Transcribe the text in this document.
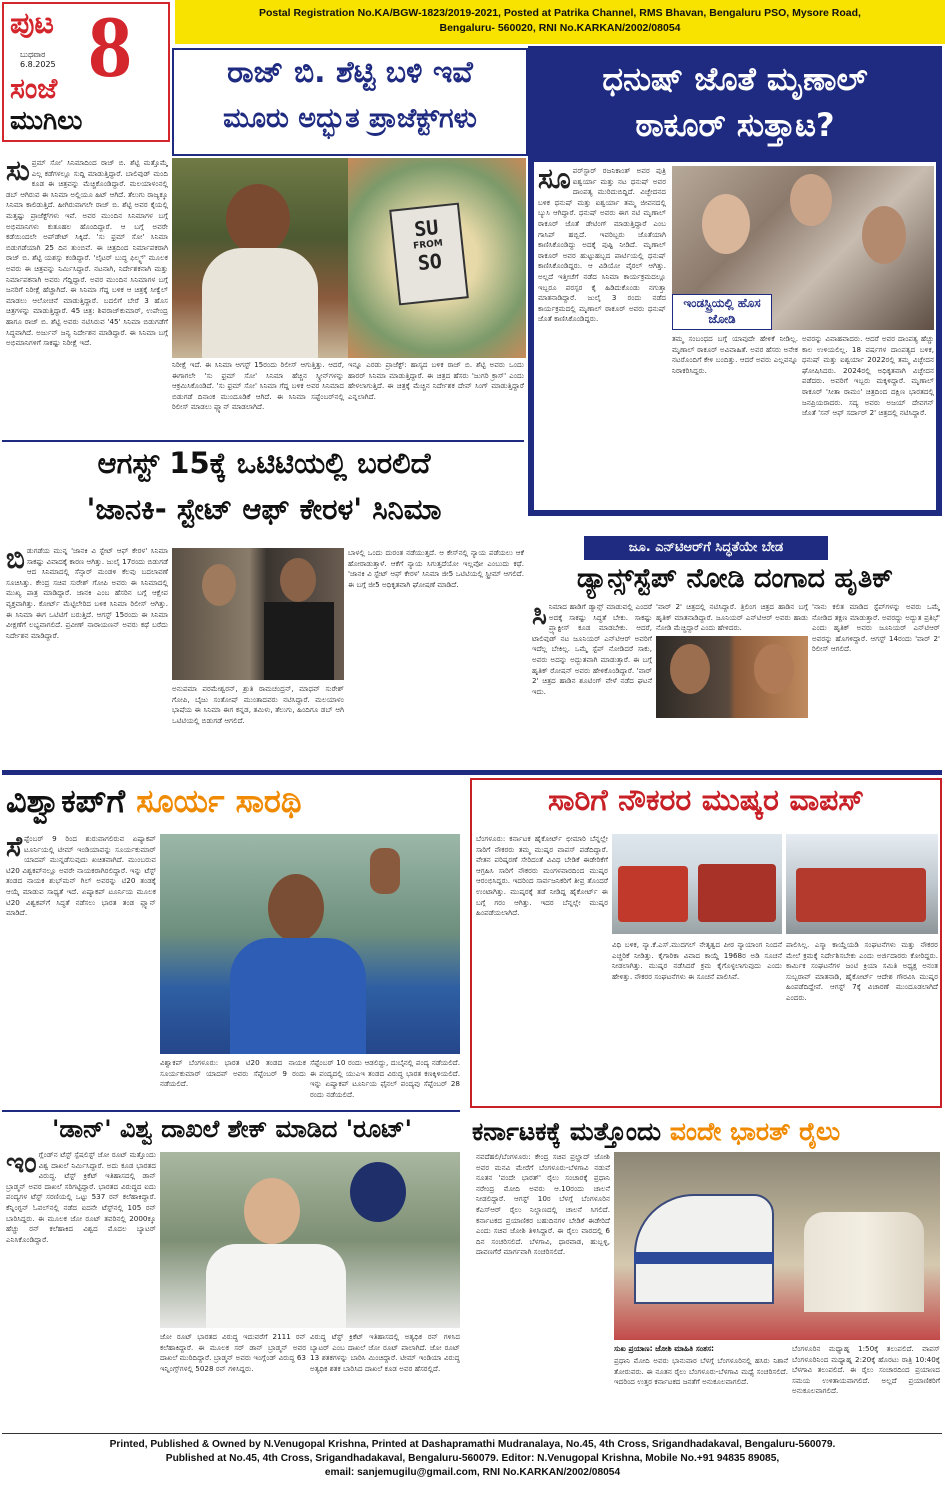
ಪುಟ 8
ಬುಧವಾರ
6.8.2025
ಸಂಜೆ
ಮುಗಿಲು
Postal Registration No.KA/BGW-1823/2019-2021, Posted at Patrika Channel, RMS Bhavan, Bengaluru PSO, Mysore Road,
Bengaluru- 560020, RNI No.KARKAN/2002/08054
ರಾಜ್ ಬಿ. ಶೆಟ್ಟಿ ಬಳಿ ಇವೆ
ಮೂರು ಅದ್ಭುತ ಪ್ರಾಜೆಕ್ಟ್‌ಗಳು
ಸುಪ್ರಮ್ ಸೋ' ಸಿನಿಮಾದಿಂದ ರಾಜ್ ಬಿ. ಶೆಟ್ಟಿ ಮತ್ತೊಮ್ಮೆ ಎಲ್ಲ ಕಡೆಗಳಲ್ಲೂ ಸುದ್ದಿ ಮಾಡುತ್ತಿದ್ದಾರೆ. ಬಾಲಿವುಡ್ ಮಂದಿ ಕೂಡ ಈ ಚಿತ್ರವನ್ನು ಮೆಚ್ಚಿಕೊಂಡಿದ್ದಾರೆ. ಮಲಯಾಳಂನಲ್ಲಿ ಡಬ್ ಆಗಿರುವ ಈ ಸಿನಿಮಾ ಅಲ್ಲಿಯೂ ಹಿಟ್ ಆಗಿದೆ. ತೆಲುಗು ರಾಜ್ಯಕ್ಕೂ ಸಿನಿಮಾ ಕಾಲಿಡುತ್ತಿದೆ. ಹೀಗಿರುವಾಗಲೇ ರಾಜ್ ಬಿ. ಶೆಟ್ಟಿ ಅವರ ಕೈಯಲ್ಲಿ ಮತ್ತಷ್ಟು ಪ್ರಾಜೆಕ್ಟ್‌ಗಳು ಇವೆ. ಅವರ ಮುಂದಿನ ಸಿನಿಮಾಗಳ ಬಗ್ಗೆ ಅಭಿಮಾನಿಗಳು ಕುತೂಹಲ ಹೊಂದಿದ್ದಾರೆ. ಆ ಬಗ್ಗೆ ಅವರೇ ಕಡೆಯಿಂದಲೇ ಅಪ್‌ಡೇಟ್ ಸಿಕ್ಕಿದೆ. 'ಸು ಫ್ರಮ್ ಸೋ' ಸಿನಿಮಾ ಬಿಡುಗಡೆಯಾಗಿ 25 ದಿನ ತುಂಬಿವೆ. ಈ ಚಿತ್ರದಿಂದ ನಿರ್ಮಾಪಕರಾಗಿ ರಾಜ್ ಬಿ. ಶೆಟ್ಟಿ ಯಶಸ್ಸು ಕಂಡಿದ್ದಾರೆ. 'ಲೈಟರ್ ಬುದ್ಧ ಫಿಲ್ಮ್ಸ್' ಮೂಲಕ ಅವರು ಈ ಚಿತ್ರವನ್ನು ನಿರ್ಮಿಸಿದ್ದಾರೆ. ನಟನಾಗಿ, ನಿರ್ದೇಶಕನಾಗಿ ಮತ್ತು ನಿರ್ಮಾಪಕನಾಗಿ ಅವರು ಗೆದ್ದಿದ್ದಾರೆ. ಅವರ ಮುಂದಿನ ಸಿನಿಮಾಗಳ ಬಗ್ಗೆ ಜನರಿಗೆ ನಿರೀಕ್ಷೆ ಹೆಚ್ಚಾಗಿದೆ. ಈ ಸಿನಿಮಾ ಗೆದ್ದ ಬಳಿಕ ಆ ಚಿತ್ರಕ್ಕೆ ಸೀಕ್ವೆಲ್ ಮಾಡಲು ಆಲೋಚನೆ ಮಾಡುತ್ತಿದ್ದಾರೆ. ಬದಲಿಗೆ ಬೇರೆ 3 ಹೊಸ ಚಿತ್ರಗಳನ್ನು ಮಾಡುತ್ತಿದ್ದಾರೆ. 45 ಚಿತ್ರ: ಶಿವರಾಜ್‌ಕುಮಾರ್, ಉಪೇಂದ್ರ ಹಾಗೂ ರಾಜ್ ಬಿ. ಶೆಟ್ಟಿ ಅವರು ನಟಿಸಿರುವ '45' ಸಿನಿಮಾ ಬಿಡುಗಡೆಗೆ ಸಿದ್ಧವಾಗಿದೆ. ಅರ್ಜುನ್ ಜನ್ಯ ನಿರ್ದೇಶನ ಮಾಡಿದ್ದಾರೆ. ಈ ಸಿನಿಮಾ ಬಗ್ಗೆ ಅಭಿಮಾನಿಗಳಿಗೆ ಸಾಕಷ್ಟು ನಿರೀಕ್ಷೆ ಇದೆ.
SU
FROM
SO
ನಿರೀಕ್ಷೆ ಇದೆ. ಈ ಸಿನಿಮಾ ಆಗಸ್ಟ್ 15ರಂದು ರಿಲೀಸ್ ಆಗುತ್ತಿತ್ತು. ಆದರೆ, ಈಗಾಗಲೇ 'ಸು ಫ್ರಮ್ ಸೋ' ಸಿನಿಮಾ ಹೆಚ್ಚಿನ ಸ್ಕ್ರೀನ್‌ಗಳನ್ನು ಆಕ್ರಮಿಸಿಕೊಂಡಿದೆ. 'ಸು ಫ್ರಮ್ ಸೋ' ಸಿನಿಮಾ ಗೆದ್ದ ಬಳಿಕ ಅವರ ಸಿನಿಮಾದ ಬಿಡುಗಡೆ ದಿನಾಂಕ ಮುಂದೂಡಿಕೆ ಆಗಿದೆ. ಈ ಸಿನಿಮಾ ಸಪ್ಟೆಂಬರ್‌ನಲ್ಲಿ ರಿಲೀಸ್ ಮಾಡಲು ಪ್ಲ್ಯಾನ್ ಮಾಡಲಾಗಿದೆ.
ಇನ್ನೂ ಎರಡು ಪ್ರಾಜೆಕ್ಟ್: ಹಾಸ್ಯದ ಬಳಿಕ ರಾಜ್ ಬಿ. ಶೆಟ್ಟಿ ಅವರು ಒಂದು ಹಾರರ್ ಸಿನಿಮಾ ಮಾಡುತ್ತಿದ್ದಾರೆ. ಈ ಚಿತ್ರದ ಹೆಸರು 'ಜುಗರಿ ಕ್ರಾಸ್' ಎಂದು ಹೇಳಲಾಗುತ್ತಿದೆ. ಈ ಚಿತ್ರಕ್ಕೆ ಮೆಚ್ಚಿನ ನಿರ್ದೇಶಕ ದೇವ್ ಸಿಂಗ್ ಮಾಡುತ್ತಿದ್ದಾರೆ ಎನ್ನಲಾಗಿದೆ.
ಧನುಷ್ ಜೊತೆ ಮೃಣಾಲ್
ಠಾಕೂರ್ ಸುತ್ತಾಟ?
ಸೂಪರ್‌ಸ್ಟಾರ್ ರಜನಿಕಾಂತ್ ಅವರ ಪುತ್ರಿ ಐಶ್ವರ್ಯಾ ಮತ್ತು ನಟ ಧನುಷ್ ಅವರ ದಾಂಪತ್ಯ ಮುರಿದುಬಿದ್ದಿದೆ. ವಿಚ್ಛೇದನದ ಬಳಿಕ ಧನುಷ್ ಮತ್ತು ಐಶ್ವರ್ಯಾ ತಮ್ಮ ಜೀವನದಲ್ಲಿ ಬ್ಯುಸಿ ಆಗಿದ್ದಾರೆ. ಧನುಷ್ ಅವರು ಈಗ ನಟಿ ಮೃಣಾಲ್ ಠಾಕೂರ್ ಜೊತೆ ಡೇಟಿಂಗ್ ಮಾಡುತ್ತಿದ್ದಾರೆ ಎಂಬ ಗಾಸಿಪ್ ಹಬ್ಬಿದೆ. ಇವರಿಬ್ಬರು ಜೊತೆಯಾಗಿ ಕಾಣಿಸಿಕೊಂಡಿದ್ದು ಅದಕ್ಕೆ ಪುಷ್ಟಿ ನೀಡಿದೆ. ಮೃಣಾಲ್ ಠಾಕೂರ್ ಅವರ ಹುಟ್ಟುಹಬ್ಬದ ಪಾರ್ಟಿಯಲ್ಲಿ ಧನುಷ್ ಕಾಣಿಸಿಕೊಂಡಿದ್ದರು. ಆ ವಿಡಿಯೋ ವೈರಲ್ ಆಗಿತ್ತು. ಅಲ್ಲದೆ ಇತ್ತೀಚೆಗೆ ನಡೆದ ಸಿನಿಮಾ ಕಾರ್ಯಕ್ರಮದಲ್ಲೂ ಇಬ್ಬರೂ ಪರಸ್ಪರ ಕೈ ಹಿಡಿದುಕೊಂಡು ನಗುತ್ತಾ ಮಾತನಾಡಿದ್ದಾರೆ. ಜುಲೈ 3 ರಂದು ನಡೆದ ಕಾರ್ಯಕ್ರಮದಲ್ಲಿ ಮೃಣಾಲ್ ಠಾಕೂರ್ ಅವರು ಧನುಷ್ ಜೊತೆ ಕಾಣಿಸಿಕೊಂಡಿದ್ದರು.
ಇಂಡಸ್ಟ್ರಿಯಲ್ಲಿ ಹೊಸ ಜೋಡಿ
ತಮ್ಮ ಸಂಬಂಧದ ಬಗ್ಗೆ ಯಾವುದೇ ಹೇಳಿಕೆ ನೀಡಿಲ್ಲ. ಮೃಣಾಲ್ ಠಾಕೂರ್ ಅವಿವಾಹಿತೆ. ಅವರ ಹೆಸರು ಅನೇಕ ನಟರೊಂದಿಗೆ ಕೇಳಿ ಬಂದಿತ್ತು. ಆದರೆ ಅವರು ಎಲ್ಲವನ್ನೂ ನಿರಾಕರಿಸಿದ್ದರು.
ಅವರನ್ನು ವಿವಾಹವಾದರು. ಆದರೆ ಅವರ ದಾಂಪತ್ಯ ಹೆಚ್ಚು ಕಾಲ ಉಳಿಯಲಿಲ್ಲ. 18 ವರ್ಷಗಳ ದಾಂಪತ್ಯದ ಬಳಿಕ, ಧನುಷ್ ಮತ್ತು ಐಶ್ವರ್ಯಾ 2022ರಲ್ಲಿ ತಮ್ಮ ವಿಚ್ಛೇದನ ಘೋಷಿಸಿದರು. 2024ರಲ್ಲಿ ಅಧಿಕೃತವಾಗಿ ವಿಚ್ಛೇದನ ಪಡೆದರು. ಅವರಿಗೆ ಇಬ್ಬರು ಮಕ್ಕಳಿದ್ದಾರೆ. ಮೃಣಾಲ್ ಠಾಕೂರ್ 'ಸೀತಾ ರಾಮಂ' ಚಿತ್ರದಿಂದ ದಕ್ಷಿಣ ಭಾರತದಲ್ಲಿ ಜನಪ್ರಿಯರಾದರು. ಸದ್ಯ ಅವರು ಅಜಯ್ ದೇವಗನ್ ಜೊತೆ 'ಸನ್ ಆಫ್ ಸರ್ದಾರ್ 2' ಚಿತ್ರದಲ್ಲಿ ನಟಿಸಿದ್ದಾರೆ.
ಆಗಸ್ಟ್ 15ಕ್ಕೆ ಒಟಿಟಿಯಲ್ಲಿ ಬರಲಿದೆ
'ಜಾನಕಿ- ಸ್ಟೇಟ್ ಆಫ್ ಕೇರಳ' ಸಿನಿಮಾ
ಬಿಡುಗಡೆಯ ಮುನ್ನ 'ಜಾನಕಿ ವಿ ಸ್ಟೇಟ್ ಆಫ್ ಕೇರಳ' ಸಿನಿಮಾ ಸಾಕಷ್ಟು ವಿವಾದಕ್ಕೆ ಕಾರಣ ಆಗಿತ್ತು. ಜುಲೈ 17ರಂದು ಬಿಡುಗಡೆ ಆದ ಸಿನಿಮಾದಲ್ಲಿ ಸೆನ್ಸಾರ್ ಮಂಡಳಿ ಕೆಲವು ಬದಲಾವಣೆ ಸೂಚಿಸಿತ್ತು. ಕೇಂದ್ರ ಸಚಿವ ಸುರೇಶ್ ಗೋಪಿ ಅವರು ಈ ಸಿನಿಮಾದಲ್ಲಿ ಮುಖ್ಯ ಪಾತ್ರ ಮಾಡಿದ್ದಾರೆ. ಜಾನಕಿ ಎಂಬ ಹೆಸರಿನ ಬಗ್ಗೆ ಆಕ್ಷೇಪ ವ್ಯಕ್ತವಾಗಿತ್ತು. ಕೋರ್ಟ್ ಮೆಟ್ಟಿಲೇರಿದ ಬಳಿಕ ಸಿನಿಮಾ ರಿಲೀಸ್ ಆಗಿತ್ತು. ಈ ಸಿನಿಮಾ ಈಗ ಒಟಿಟಿಗೆ ಬರುತ್ತಿದೆ. ಆಗಸ್ಟ್ 15ರಂದು ಈ ಸಿನಿಮಾ ವೀಕ್ಷಣೆಗೆ ಲಭ್ಯವಾಗಲಿದೆ. ಪ್ರವೀಣ್ ನಾರಾಯಣನ್ ಅವರು ಕಥೆ ಬರೆದು ನಿರ್ದೇಶನ ಮಾಡಿದ್ದಾರೆ.
ಅನುಪಮಾ ಪರಮೇಶ್ವರನ್, ಶ್ರುತಿ ರಾಮಚಂದ್ರನ್, ಮಾಧವ್ ಸುರೇಶ್ ಗೋಪಿ, ಬೈಜು ಸಂತೋಷ್ ಮುಂತಾದವರು ನಟಿಸಿದ್ದಾರೆ. ಮಲಯಾಳಂ ಭಾಷೆಯ ಈ ಸಿನಿಮಾ ಈಗ ಕನ್ನಡ, ತಮಿಳು, ತೆಲುಗು, ಹಿಂದಿಗೂ ಡಬ್ ಆಗಿ ಒಟಿಟಿಯಲ್ಲಿ ಬಿಡುಗಡೆ ಆಗಲಿದೆ.
ಬಾಳಲ್ಲಿ ಒಂದು ದುರಂತ ನಡೆಯುತ್ತದೆ. ಆ ಕೇಸ್‌ನಲ್ಲಿ ನ್ಯಾಯ ಪಡೆಯಲು ಆಕೆ ಹೋರಾಡುತ್ತಾಳೆ. ಆಕೆಗೆ ನ್ಯಾಯ ಸಿಗುತ್ತದೆಯೋ ಇಲ್ಲವೋ ಎಂಬುದು ಕಥೆ. 'ಜಾನಕಿ ವಿ ಸ್ಟೇಟ್ ಆಫ್ ಕೇರಳ' ಸಿನಿಮಾ ಜೀ5 ಒಟಿಟಿಯಲ್ಲಿ ಸ್ಟ್ರೀಮ್ ಆಗಲಿದೆ. ಈ ಬಗ್ಗೆ ಜೀ5 ಅಧಿಕೃತವಾಗಿ ಘೋಷಣೆ ಮಾಡಿದೆ.
ಜೂ. ಎನ್‌ಟಿಆರ್‌ಗೆ ಸಿದ್ಧತೆಯೇ ಬೇಡ
ಡ್ಯಾನ್ಸ್‌ಸ್ಟೆಪ್ ನೋಡಿ ದಂಗಾದ ಹೃತಿಕ್
ಸಿನಿಮಾದ ಹಾಡಿಗೆ ಡ್ಯಾನ್ಸ್ ಮಾಡುವಲ್ಲಿ ಎಂದರೆ ಅದಕ್ಕೆ ಸಾಕಷ್ಟು ಸಿದ್ಧತೆ ಬೇಕು. ಸಾಕಷ್ಟು ಪ್ರ್ಯಾಕ್ಟೀಸ್ ಕೂಡ ಮಾಡಬೇಕು. ಆದರೆ, ಟಾಲಿವುಡ್ ನಟ ಜೂನಿಯರ್ ಎನ್‌ಟಿಆರ್ ಅವರಿಗೆ ಇದೆಲ್ಲ ಬೇಕಿಲ್ಲ. ಒಮ್ಮೆ ಸ್ಟೆಪ್ ನೋಡಿದರೆ ಸಾಕು, ಅವರು ಅದನ್ನು ಅದ್ಭುತವಾಗಿ ಮಾಡುತ್ತಾರೆ. ಈ ಬಗ್ಗೆ ಹೃತಿಕ್ ರೋಷನ್ ಅವರು ಹೇಳಿಕೊಂಡಿದ್ದಾರೆ. 'ವಾರ್ 2' ಚಿತ್ರದ ಹಾಡಿನ ಶೂಟಿಂಗ್ ವೇಳೆ ನಡೆದ ಘಟನೆ ಇದು.
'ವಾರ್ 2' ಚಿತ್ರದಲ್ಲಿ ನಟಿಸಿದ್ದಾರೆ. ತ್ರಿಲಿಂಗ ಚಿತ್ರದ ಹಾಡಿನ ಬಗ್ಗೆ ಹೃತಿಕ್ ಮಾತನಾಡಿದ್ದಾರೆ. ಜೂನಿಯರ್ ಎನ್‌ಟಿಆರ್ ಅವರು ಹಾಡು ನೋಡಿ ಮೆಚ್ಚಿದ್ದಾರೆ ಎಂದು ಹೇಳಿದರು.
'ನಾನು ಕಲಿತ ಮಾಡಿದ ಸ್ಟೆಪ್‌ಗಳನ್ನು ಅವರು ಒಮ್ಮೆ ನೋಡಿದ ತಕ್ಷಣ ಮಾಡುತ್ತಾರೆ. ಅವರದ್ದು ಅದ್ಭುತ ಪ್ರತಿಭೆ' ಎಂದು ಹೃತಿಕ್ ಅವರು ಜೂನಿಯರ್ ಎನ್‌ಟಿಆರ್ ಅವರನ್ನು ಹೊಗಳಿದ್ದಾರೆ. ಆಗಸ್ಟ್ 14ರಂದು 'ವಾರ್ 2' ರಿಲೀಸ್ ಆಗಲಿದೆ.
ವಿಶ್ವಾಕಪ್‌ಗೆ ಸೂರ್ಯ ಸಾರಥಿ
ಸೆಪ್ಟೆಂಬರ್ 9 ರಿಂದ ಶುರುವಾಗಲಿರುವ ಏಷ್ಯಾಕಪ್ ಟೂರ್ನಿಯಲ್ಲಿ ಟೀಮ್ ಇಂಡಿಯಾವನ್ನು ಸೂರ್ಯಕುಮಾರ್ ಯಾದವ್ ಮುನ್ನಡೆಸುವುದು ಖಚಿತವಾಗಿದೆ. ಮುಂಬರುವ ಟಿ20 ವಿಶ್ವಕಪ್‌ನಲ್ಲೂ ಅವರೇ ನಾಯಕರಾಗಿರಲಿದ್ದಾರೆ. ಇನ್ನು ಟೆಸ್ಟ್ ತಂಡದ ನಾಯಕ ಶುಭ್‌ಮನ್ ಗಿಲ್ ಅವರನ್ನು ಟಿ20 ತಂಡಕ್ಕೆ ಆಯ್ಕೆ ಮಾಡುವ ಸಾಧ್ಯತೆ ಇದೆ. ಏಷ್ಯಾಕಪ್ ಟೂರ್ನಿಯ ಮೂಲಕ ಟಿ20 ವಿಶ್ವಕಪ್‌ಗೆ ಸಿದ್ಧತೆ ನಡೆಸಲು ಭಾರತ ತಂಡ ಪ್ಲ್ಯಾನ್ ಮಾಡಿದೆ.
ವಿಶ್ವಾಕಪ್ ಬೆಂಗಳೂರು: ಭಾರತ ಟಿ20 ತಂಡದ ನಾಯಕ ಸೂರ್ಯಕುಮಾರ್ ಯಾದವ್ ಅವರು ಸೆಪ್ಟೆಂಬರ್ 9 ರಂದು ನಡೆಯಲಿದೆ.
ಸೆಪ್ಟೆಂಬರ್ 10 ರಂದು ಆಡಲಿದ್ದು, ದುಬೈನಲ್ಲಿ ಪಂದ್ಯ ನಡೆಯಲಿದೆ. ಈ ಪಂದ್ಯದಲ್ಲಿ ಯುಎಇ ತಂಡದ ವಿರುದ್ಧ ಭಾರತ ಕಣಕ್ಕಿಳಿಯಲಿದೆ. ಇನ್ನು ಏಷ್ಯಾಕಪ್ ಟೂರ್ನಿಯ ಫೈನಲ್ ಪಂದ್ಯವು ಸೆಪ್ಟೆಂಬರ್ 28 ರಂದು ನಡೆಯಲಿದೆ.
ಸಾರಿಗೆ ನೌಕರರ ಮುಷ್ಕರ ವಾಪಸ್
ಬೆಂಗಳೂರು: ಕರ್ನಾಟಕ ಹೈಕೋರ್ಟ್ ಛೀಮಾರಿ ಬೆನ್ನಲ್ಲೇ ಸಾರಿಗೆ ನೌಕರರು ತಮ್ಮ ಮುಷ್ಕರ ವಾಪಸ್ ಪಡೆದಿದ್ದಾರೆ. ವೇತನ ಪರಿಷ್ಕರಣೆ ಸೇರಿದಂತೆ ವಿವಿಧ ಬೇಡಿಕೆ ಈಡೇರಿಕೆಗೆ ಆಗ್ರಹಿಸಿ ಸಾರಿಗೆ ನೌಕರರು ಮಂಗಳವಾರದಿಂದ ಮುಷ್ಕರ ಆರಂಭಿಸಿದ್ದರು. ಇದರಿಂದ ಸಾರ್ವಜನಿಕರಿಗೆ ತೀವ್ರ ತೊಂದರೆ ಉಂಟಾಗಿತ್ತು. ಮುಷ್ಕರಕ್ಕೆ ತಡೆ ನೀಡಿದ್ದ ಹೈಕೋರ್ಟ್ ಈ ಬಗ್ಗೆ ಗರಂ ಆಗಿತ್ತು. ಇದರ ಬೆನ್ನಲ್ಲೇ ಮುಷ್ಕರ ಹಿಂಪಡೆಯಲಾಗಿದೆ.
ವಿಧಿ ಬಳಿಕ, ನ್ಯಾ.ಕೆ.ಎಸ್.ಮುದಗಲ್ ನೇತೃತ್ವದ ಪೀಠ ನ್ಯಾಯಾಂಗ ನಿಂದನೆ ಎಚ್ಚರಿಕೆ ನೀಡಿತ್ತು. ಕೈಗಾರಿಕಾ ವಿವಾದ ಕಾಯ್ದೆ 1968ರ ಅಡಿ ಸೂಚನೆ ನೀಡಲಾಗಿತ್ತು. ಮುಷ್ಕರ ನಡೆಸಿದರೆ ಕ್ರಮ ಕೈಗೊಳ್ಳಲಾಗುವುದು ಎಂದು ಹೇಳಿತ್ತು. ನೌಕರರ ಸಂಘಟನೆಗಳು ಈ ಸೂಚನೆ ಪಾಲಿಸಿವೆ.
ಪಾಲಿಸಿಲ್ಲ. ಎಸ್ಮಾ ಕಾಯ್ದೆಯಡಿ ಸಂಘಟನೆಗಳು ಮತ್ತು ನೌಕರರ ಮೇಲೆ ಕ್ರಮಕ್ಕೆ ನಿರ್ದೇಶಿಸಬೇಕು ಎಂದು ಅರ್ಜಿದಾರರು ಕೋರಿದ್ದರು. ಕಾರ್ಮಿಕ ಸಂಘಟನೆಗಳ ಜಂಟಿ ಕ್ರಿಯಾ ಸಮಿತಿ ಅಧ್ಯಕ್ಷ ಅನಂತ ಸುಬ್ಬರಾವ್ ಮಾತನಾಡಿ, ಹೈಕೋರ್ಟ್ ಆದೇಶ ಗೌರವಿಸಿ ಮುಷ್ಕರ ಹಿಂಪಡೆದಿದ್ದೇವೆ. ಆಗಸ್ಟ್ 7ಕ್ಕೆ ವಿಚಾರಣೆ ಮುಂದೂಡಲಾಗಿದೆ ಎಂದರು.
'ಡಾನ್' ವಿಶ್ವ ದಾಖಲೆ ಶೇಕ್ ಮಾಡಿದ 'ರೂಟ್'
ಇಂಗ್ಲೆಂಡ್‌ನ ಟೆಸ್ಟ್ ಸ್ಪೆಷಲಿಸ್ಟ್ ಜೋ ರೂಟ್ ಮತ್ತೊಂದು ವಿಶ್ವ ದಾಖಲೆ ನಿರ್ಮಿಸಿದ್ದಾರೆ. ಅದು ಕೂಡ ಭಾರತದ ವಿರುದ್ಧ. ಟೆಸ್ಟ್ ಕ್ರಿಕೆಟ್ ಇತಿಹಾಸದಲ್ಲಿ ಡಾನ್ ಬ್ರಾಡ್ಮನ್ ಅವರ ದಾಖಲೆ ಸರಿಗಟ್ಟಿದ್ದಾರೆ. ಭಾರತದ ವಿರುದ್ಧದ ಐದು ಪಂದ್ಯಗಳ ಟೆಸ್ಟ್ ಸರಣಿಯಲ್ಲಿ ಒಟ್ಟು 537 ರನ್ ಕಲೆಹಾಕಿದ್ದಾರೆ. ಕೆನ್ನಿಂಗ್ಟನ್ ಓವಲ್‌ನಲ್ಲಿ ನಡೆದ ಐದನೇ ಟೆಸ್ಟ್‌ನಲ್ಲಿ 105 ರನ್ ಬಾರಿಸಿದ್ದರು. ಈ ಮೂಲಕ ಜೋ ರೂಟ್ ತವರಿನಲ್ಲಿ 2000ಕ್ಕೂ ಹೆಚ್ಚು ರನ್ ಕಲೆಹಾಕಿದ ವಿಶ್ವದ ಮೊದಲ ಬ್ಯಾಟರ್ ಎನಿಸಿಕೊಂಡಿದ್ದಾರೆ.
ಜೋ ರೂಟ್ ಭಾರತದ ವಿರುದ್ಧ ಇದುವರೆಗೆ 2111 ರನ್ ಕಲೆಹಾಕಿದ್ದಾರೆ. ಈ ಮೂಲಕ ಸರ್ ಡಾನ್ ಬ್ರಾಡ್ಮನ್ ಅವರ ದಾಖಲೆ ಮುರಿದಿದ್ದಾರೆ. ಬ್ರಾಡ್ಮನ್ ಅವರು ಇಂಗ್ಲೆಂಡ್ ವಿರುದ್ಧ 63 ಇನ್ನಿಂಗ್ಸ್‌ಗಳಲ್ಲಿ 5028 ರನ್ ಗಳಿಸಿದ್ದರು.
ವಿರುದ್ಧ ಟೆಸ್ಟ್ ಕ್ರಿಕೆಟ್ ಇತಿಹಾಸದಲ್ಲಿ ಅತ್ಯಧಿಕ ರನ್ ಗಳಿಸಿದ ಬ್ಯಾಟರ್ ಎಂಬ ದಾಖಲೆ ಜೋ ರೂಟ್ ಪಾಲಾಗಿದೆ. ಜೋ ರೂಟ್ 13 ಶತಕಗಳನ್ನು ಬಾರಿಸಿ ಮಿಂಚಿದ್ದಾರೆ. ಟೀಮ್ ಇಂಡಿಯಾ ವಿರುದ್ಧ ಅತ್ಯಧಿಕ ಶತಕ ಬಾರಿಸಿದ ದಾಖಲೆ ಕೂಡ ಅವರ ಹೆಸರಲ್ಲಿದೆ.
ಕರ್ನಾಟಕಕ್ಕೆ ಮತ್ತೊಂದು ವಂದೇ ಭಾರತ್ ರೈಲು
ನವದೆಹಲಿ/ಬೆಂಗಳೂರು: ಕೇಂದ್ರ ಸಚಿವ ಪ್ರಲ್ಹಾದ್ ಜೋಶಿ ಅವರ ಮನವಿ ಮೇರೆಗೆ ಬೆಂಗಳೂರು-ಬೆಳಗಾವಿ ನಡುವೆ ನೂತನ 'ವಂದೇ ಭಾರತ್' ರೈಲು ಸಂಚಾರಕ್ಕೆ ಪ್ರಧಾನಿ ನರೇಂದ್ರ ಮೋದಿ ಅವರು ಆ.10ರಂದು ಚಾಲನೆ ನೀಡಲಿದ್ದಾರೆ. ಆಗಸ್ಟ್ 10ರ ಬೆಳಗ್ಗೆ ಬೆಂಗಳೂರಿನ ಕೆಎಸ್ಆರ್ ರೈಲು ನಿಲ್ದಾಣದಲ್ಲಿ ಚಾಲನೆ ಸಿಗಲಿದೆ. ಕರ್ನಾಟಕದ ಪ್ರಯಾಣಿಕರ ಬಹುದಿನಗಳ ಬೇಡಿಕೆ ಈಡೇರಿದೆ ಎಂದು ಸಚಿವ ಜೋಶಿ ತಿಳಿಸಿದ್ದಾರೆ. ಈ ರೈಲು ವಾರದಲ್ಲಿ 6 ದಿನ ಸಂಚರಿಸಲಿದೆ. ಬೆಳಗಾವಿ, ಧಾರವಾಡ, ಹುಬ್ಬಳ್ಳಿ, ದಾವಣಗೆರೆ ಮಾರ್ಗವಾಗಿ ಸಂಚರಿಸಲಿದೆ.
ಸುಖ ಪ್ರಯಾಣ: ಜೋಶಿ ಮಾಹಿತಿ ಸಂತಸ:
ಪ್ರಧಾನಿ ಮೋದಿ ಅವರು ಭಾನುವಾರ ಬೆಳಗ್ಗೆ ಬೆಂಗಳೂರಿನಲ್ಲಿ ಹಸಿರು ನಿಶಾನೆ ತೋರುವರು. ಈ ನೂತನ ರೈಲು ಬೆಂಗಳೂರು-ಬೆಳಗಾವಿ ಮಧ್ಯೆ ಸಂಚರಿಸಲಿದೆ. ಇದರಿಂದ ಉತ್ತರ ಕರ್ನಾಟಕದ ಜನತೆಗೆ ಅನುಕೂಲವಾಗಲಿದೆ.
ಬೆಂಗಳೂರಿನ ಮಧ್ಯಾಹ್ನ 1:50ಕ್ಕೆ ತಲುಪಲಿದೆ. ವಾಪಸ್ ಬೆಂಗಳೂರಿನಿಂದ ಮಧ್ಯಾಹ್ನ 2:20ಕ್ಕೆ ಹೊರಟು ರಾತ್ರಿ 10:40ಕ್ಕೆ ಬೆಳಗಾವಿ ತಲುಪಲಿದೆ. ಈ ರೈಲು ಸಂಚಾರದಿಂದ ಪ್ರಯಾಣದ ಸಮಯ ಉಳಿತಾಯವಾಗಲಿದೆ. ಅಲ್ಲದೆ ಪ್ರಯಾಣಿಕರಿಗೆ ಅನುಕೂಲವಾಗಲಿದೆ.
Printed, Published & Owned by N.Venugopal Krishna, Printed at Dashapramathi Mudranalaya, No.45, 4th Cross, Srigandhadakaval, Bengaluru-560079.
Published at No.45, 4th Cross, Srigandhadakaval, Bengaluru-560079. Editor: N.Venugopal Krishna, Mobile No.+91 94835 89085,
email: sanjemugilu@gmail.com, RNI No.KARKAN/2002/08054
